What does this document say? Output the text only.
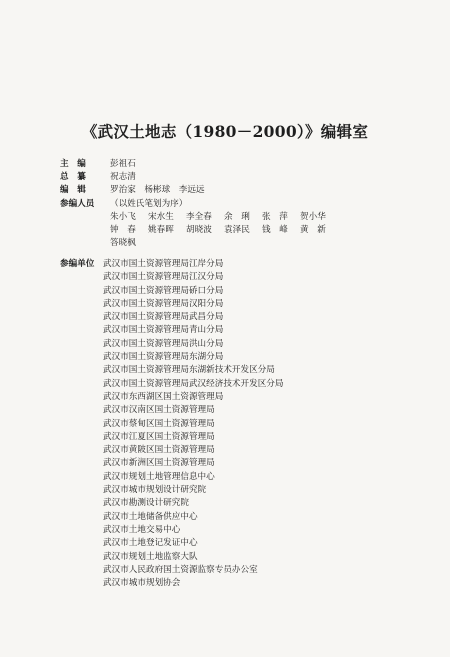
《武汉土地志（1980－2000）》编辑室
主　编	彭祖石
总　纂	祝志清
编　辑	罗治家　杨彬球　李远远
参编人员	（以姓氏笔划为序）
朱小飞	宋水生	李全春	余　琍	张　萍	贺小华
钟　春	姚春晖	胡晓波	袁泽民	钱　峰	黄　新
答晓枫
参编单位 武汉市国土资源管理局江岸分局
武汉市国土资源管理局江汉分局
武汉市国土资源管理局硚口分局
武汉市国土资源管理局汉阳分局
武汉市国土资源管理局武昌分局
武汉市国土资源管理局青山分局
武汉市国土资源管理局洪山分局
武汉市国土资源管理局东湖分局
武汉市国土资源管理局东湖新技术开发区分局
武汉市国土资源管理局武汉经济技术开发区分局
武汉市东西湖区国土资源管理局
武汉市汉南区国土资源管理局
武汉市蔡甸区国土资源管理局
武汉市江夏区国土资源管理局
武汉市黄陂区国土资源管理局
武汉市新洲区国土资源管理局
武汉市规划土地管理信息中心
武汉市城市规划设计研究院
武汉市勘测设计研究院
武汉市土地储备供应中心
武汉市土地交易中心
武汉市土地登记发证中心
武汉市规划土地监察大队
武汉市人民政府国土资源监察专员办公室
武汉市城市规划协会
